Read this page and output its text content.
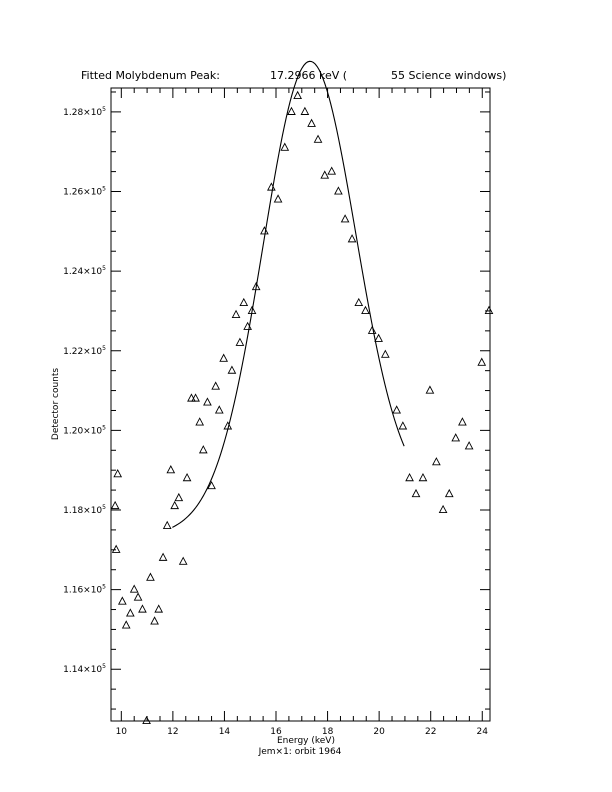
Fitted Molybdenum Peak:	17.2966 keV (	55 Science windows)
10	12	14	16	18	20	22	24
$1.14\times 10^5$
$1.16\times 10^5$
$1.18\times 10^5$
$1.20\times 10^5$
$1.22\times 10^5$
$1.24\times 10^5$
$1.26\times 10^5$
$1.28\times 10^5$
Energy (keV)
Jem×1: orbit 1964
Detector counts
